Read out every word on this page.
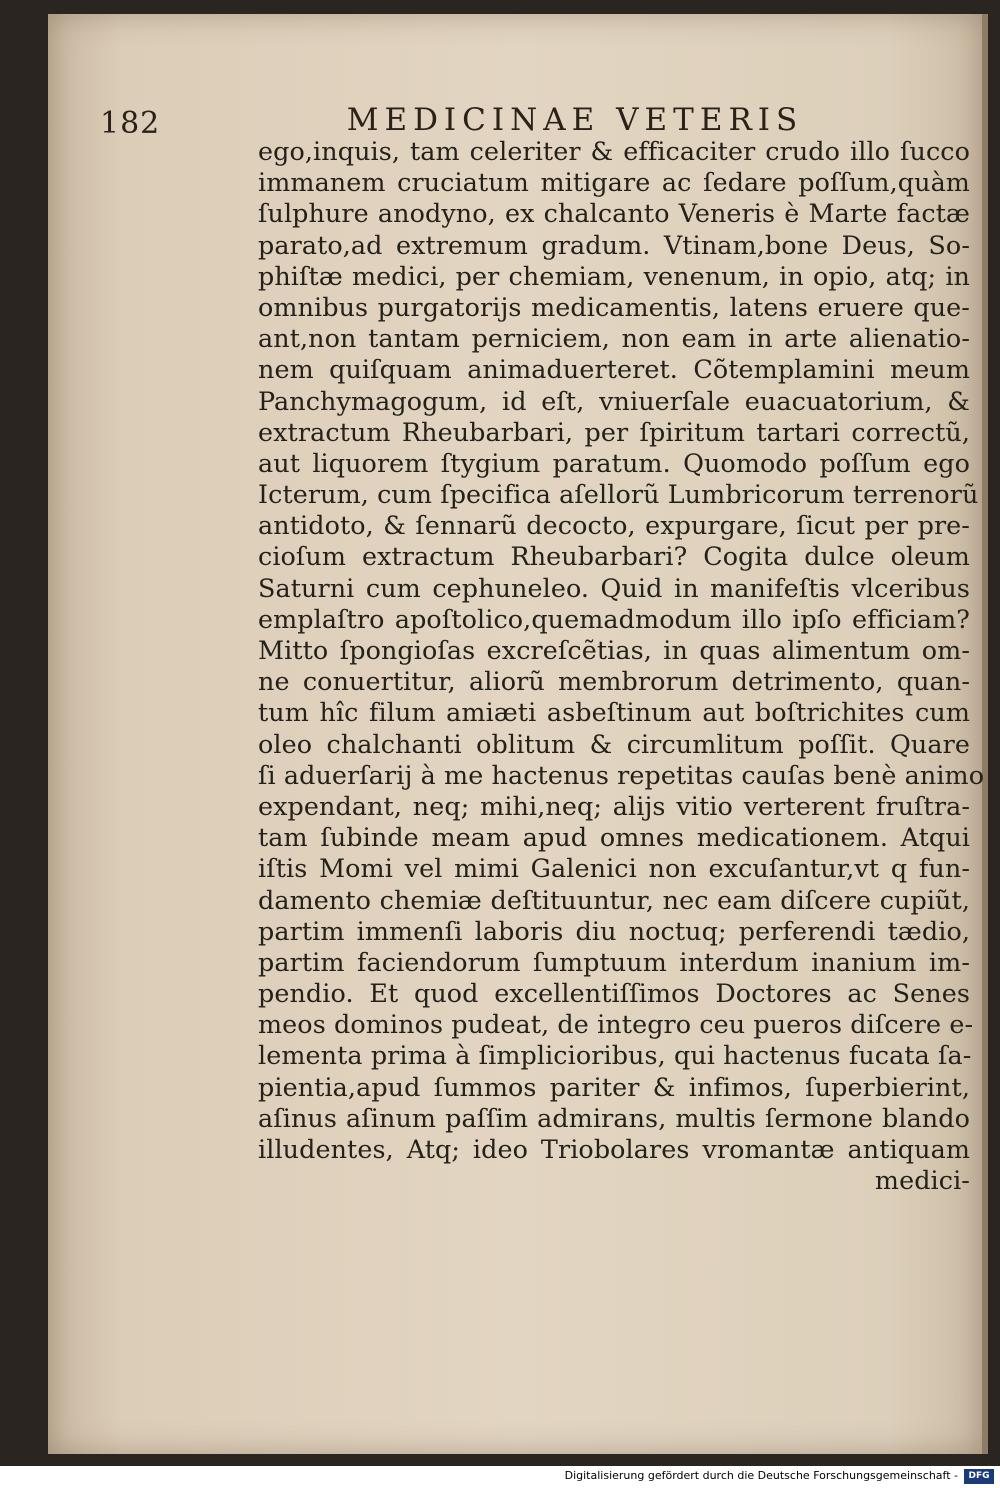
182	MEDICINAE VETERIS
ego,inquis, tam celeriter & efficaciter crudo illo ſucco
immanem cruciatum mitigare ac ſedare poſſum,quàm
ſulphure anodyno, ex chalcanto Veneris è Marte factæ
parato,ad extremum gradum. Vtinam,bone Deus, So-
phiſtæ medici, per chemiam, venenum, in opio, atq; in
omnibus purgatorijs medicamentis, latens eruere que-
ant,non tantam perniciem, non eam in arte alienatio-
nem quiſquam animaduerteret. Cõtemplamini meum
Panchymagogum, id eſt, vniuerſale euacuatorium, &
extractum Rheubarbari, per ſpiritum tartari correctũ,
aut liquorem ſtygium paratum. Quomodo poſſum ego
Icterum, cum ſpecifica aſellorũ Lumbricorum terrenorũ
antidoto, & ſennarũ decocto, expurgare, ſicut per pre-
cioſum extractum Rheubarbari? Cogita dulce oleum
Saturni cum cephuneleo. Quid in manifeſtis vlceribus
emplaſtro apoſtolico,quemadmodum illo ipſo efficiam?
Mitto ſpongioſas excreſcẽtias, in quas alimentum om-
ne conuertitur, aliorũ membrorum detrimento, quan-
tum hîc filum amiæti asbeſtinum aut boſtrichites cum
oleo chalchanti oblitum & circumlitum poſſit. Quare
ſi aduerſarij à me hactenus repetitas cauſas benè animo
expendant, neq; mihi,neq; alijs vitio verterent fruſtra-
tam ſubinde meam apud omnes medicationem. Atqui
iſtis Momi vel mimi Galenici non excuſantur,vt q fun-
damento chemiæ deſtituuntur, nec eam diſcere cupiũt,
partim immenſi laboris diu noctuq; perferendi tædio,
partim faciendorum ſumptuum interdum inanium im-
pendio. Et quod excellentiſſimos Doctores ac Senes
meos dominos pudeat, de integro ceu pueros diſcere e-
lementa prima à ſimplicioribus, qui hactenus fucata ſa-
pientia,apud ſummos pariter & infimos, ſuperbierint,
aſinus aſinum paſſim admirans, multis ſermone blando
illudentes, Atq; ideo Triobolares vromantæ antiquam
medici-
Digitalisierung gefördert durch die Deutsche Forschungsgemeinschaft -	DFG
